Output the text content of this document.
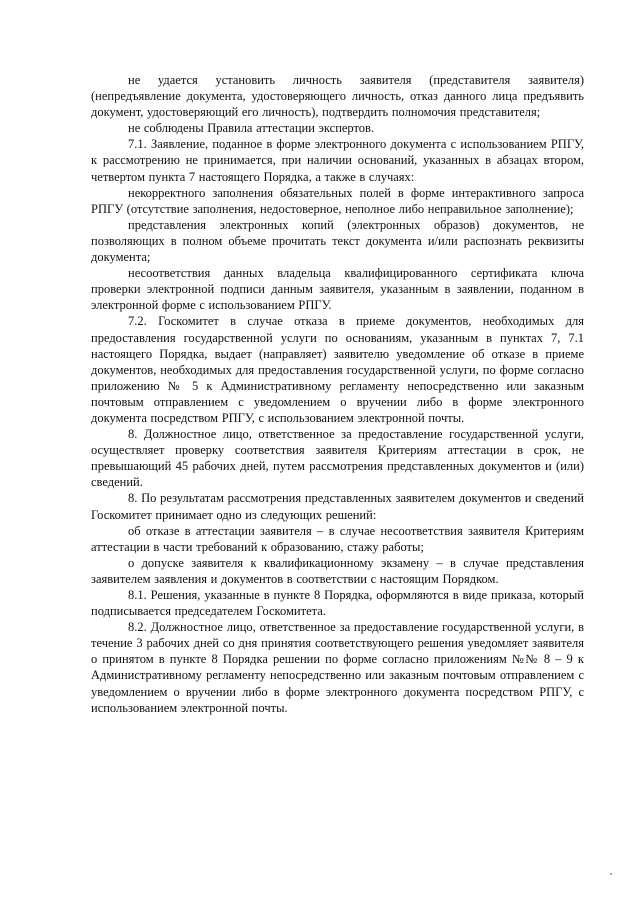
не удается установить личность заявителя (представителя заявителя) (непредъявление документа, удостоверяющего личность, отказ данного лица предъявить документ, удостоверяющий его личность), подтвердить полномочия представителя;

не соблюдены Правила аттестации экспертов.

7.1. Заявление, поданное в форме электронного документа с использованием РПГУ, к рассмотрению не принимается, при наличии оснований, указанных в абзацах втором, четвертом пункта 7 настоящего Порядка, а также в случаях:

некорректного заполнения обязательных полей в форме интерактивного запроса РПГУ (отсутствие заполнения, недостоверное, неполное либо неправильное заполнение);

представления электронных копий (электронных образов) документов, не позволяющих в полном объеме прочитать текст документа и/или распознать реквизиты документа;

несоответствия данных владельца квалифицированного сертификата ключа проверки электронной подписи данным заявителя, указанным в заявлении, поданном в электронной форме с использованием РПГУ.

7.2. Госкомитет в случае отказа в приеме документов, необходимых для предоставления государственной услуги по основаниям, указанным в пунктах 7, 7.1 настоящего Порядка, выдает (направляет) заявителю уведомление об отказе в приеме документов, необходимых для предоставления государственной услуги, по форме согласно приложению № 5 к Административному регламенту непосредственно или заказным почтовым отправлением с уведомлением о вручении либо в форме электронного документа посредством РПГУ, с использованием электронной почты.

8. Должностное лицо, ответственное за предоставление государственной услуги, осуществляет проверку соответствия заявителя Критериям аттестации в срок, не превышающий 45 рабочих дней, путем рассмотрения представленных документов и (или) сведений.

8. По результатам рассмотрения представленных заявителем документов и сведений Госкомитет принимает одно из следующих решений:

об отказе в аттестации заявителя – в случае несоответствия заявителя Критериям аттестации в части требований к образованию, стажу работы;

о допуске заявителя к квалификационному экзамену – в случае представления заявителем заявления и документов в соответствии с настоящим Порядком.

8.1. Решения, указанные в пункте 8 Порядка, оформляются в виде приказа, который подписывается председателем Госкомитета.

8.2. Должностное лицо, ответственное за предоставление государственной услуги, в течение 3 рабочих дней со дня принятия соответствующего решения уведомляет заявителя о принятом в пункте 8 Порядка решении по форме согласно приложениям №№ 8 – 9 к Административному регламенту непосредственно или заказным почтовым отправлением с уведомлением о вручении либо в форме электронного документа посредством РПГУ, с использованием электронной почты.
